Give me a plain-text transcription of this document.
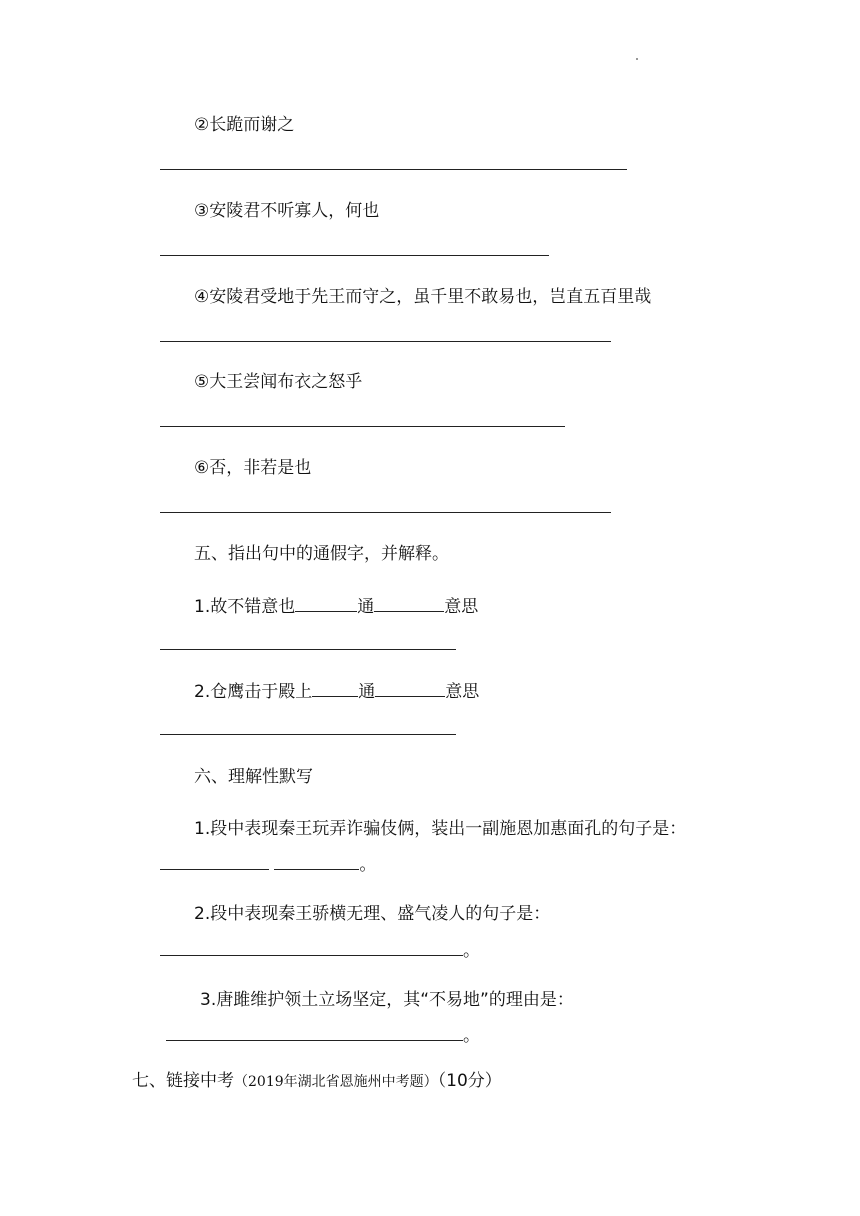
②长跪而谢之
③安陵君不听寡人，何也
④安陵君受地于先王而守之，虽千里不敢易也，岂直五百里哉
⑤大王尝闻布衣之怒乎
⑥否，非若是也
五、指出句中的通假字，并解释。
1.故不错意也	通	意思
2.仓鹰击于殿上	通	意思
六、理解性默写
1.段中表现秦王玩弄诈骗伎俩，装出一副施恩加惠面孔的句子是：
。
2.段中表现秦王骄横无理、盛气凌人的句子是：
。
3.唐雎维护领土立场坚定，其“不易地”的理由是：
。
七、链接中考（2019年湖北省恩施州中考题）（10分）
